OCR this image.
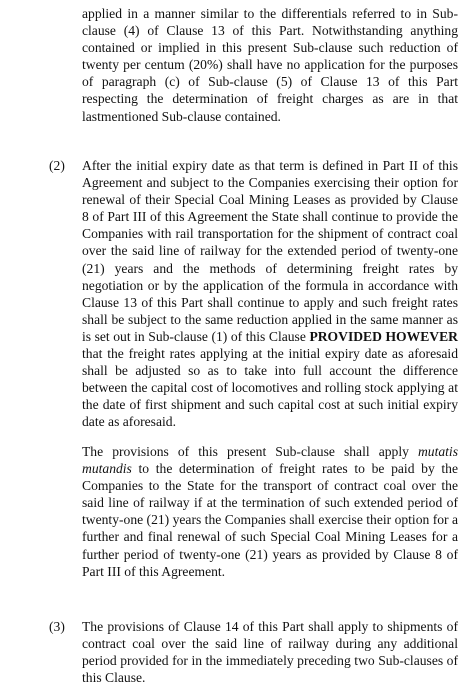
applied in a manner similar to the differentials referred to in Sub-clause (4) of Clause 13 of this Part. Notwithstanding anything contained or implied in this present Sub-clause such reduction of twenty per centum (20%) shall have no application for the purposes of paragraph (c) of Sub-clause (5) of Clause 13 of this Part respecting the determination of freight charges as are in that lastmentioned Sub-clause contained.

(2) After the initial expiry date as that term is defined in Part II of this Agreement and subject to the Companies exercising their option for renewal of their Special Coal Mining Leases as provided by Clause 8 of Part III of this Agreement the State shall continue to provide the Companies with rail transportation for the shipment of contract coal over the said line of railway for the extended period of twenty-one (21) years and the methods of determining freight rates by negotiation or by the application of the formula in accordance with Clause 13 of this Part shall continue to apply and such freight rates shall be subject to the same reduction applied in the same manner as is set out in Sub-clause (1) of this Clause PROVIDED HOWEVER that the freight rates applying at the initial expiry date as aforesaid shall be adjusted so as to take into full account the difference between the capital cost of locomotives and rolling stock applying at the date of first shipment and such capital cost at such initial expiry date as aforesaid.

The provisions of this present Sub-clause shall apply mutatis mutandis to the determination of freight rates to be paid by the Companies to the State for the transport of contract coal over the said line of railway if at the termination of such extended period of twenty-one (21) years the Companies shall exercise their option for a further and final renewal of such Special Coal Mining Leases for a further period of twenty-one (21) years as provided by Clause 8 of Part III of this Agreement.

(3) The provisions of Clause 14 of this Part shall apply to shipments of contract coal over the said line of railway during any additional period provided for in the immediately preceding two Sub-clauses of this Clause.
